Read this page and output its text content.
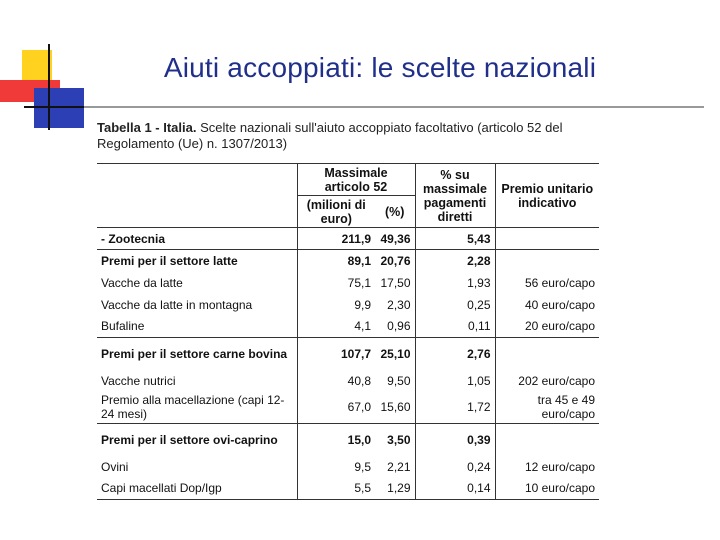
Aiuti accoppiati: le scelte nazionali
Tabella 1 - Italia. Scelte nazionali sull'aiuto accoppiato facoltativo (articolo 52 del Regolamento (Ue) n. 1307/2013)
	Massimale articolo 52		% su massimale pagamenti diretti	Premio unitario indicativo
	(milioni di euro)	(%)		
- Zootecnia	211,9	49,36	5,43	
Premi per il settore latte	89,1	20,76	2,28	
Vacche da latte	75,1	17,50	1,93	56 euro/capo
Vacche da latte in montagna	9,9	2,30	0,25	40 euro/capo
Bufaline	4,1	0,96	0,11	20 euro/capo
Premi per il settore carne bovina	107,7	25,10	2,76	
Vacche nutrici	40,8	9,50	1,05	202 euro/capo
Premio alla macellazione (capi 12-24 mesi)	67,0	15,60	1,72	tra 45 e 49 euro/capo
Premi per il settore ovi-caprino	15,0	3,50	0,39	
Ovini	9,5	2,21	0,24	12 euro/capo
Capi macellati Dop/Igp	5,5	1,29	0,14	10 euro/capo
